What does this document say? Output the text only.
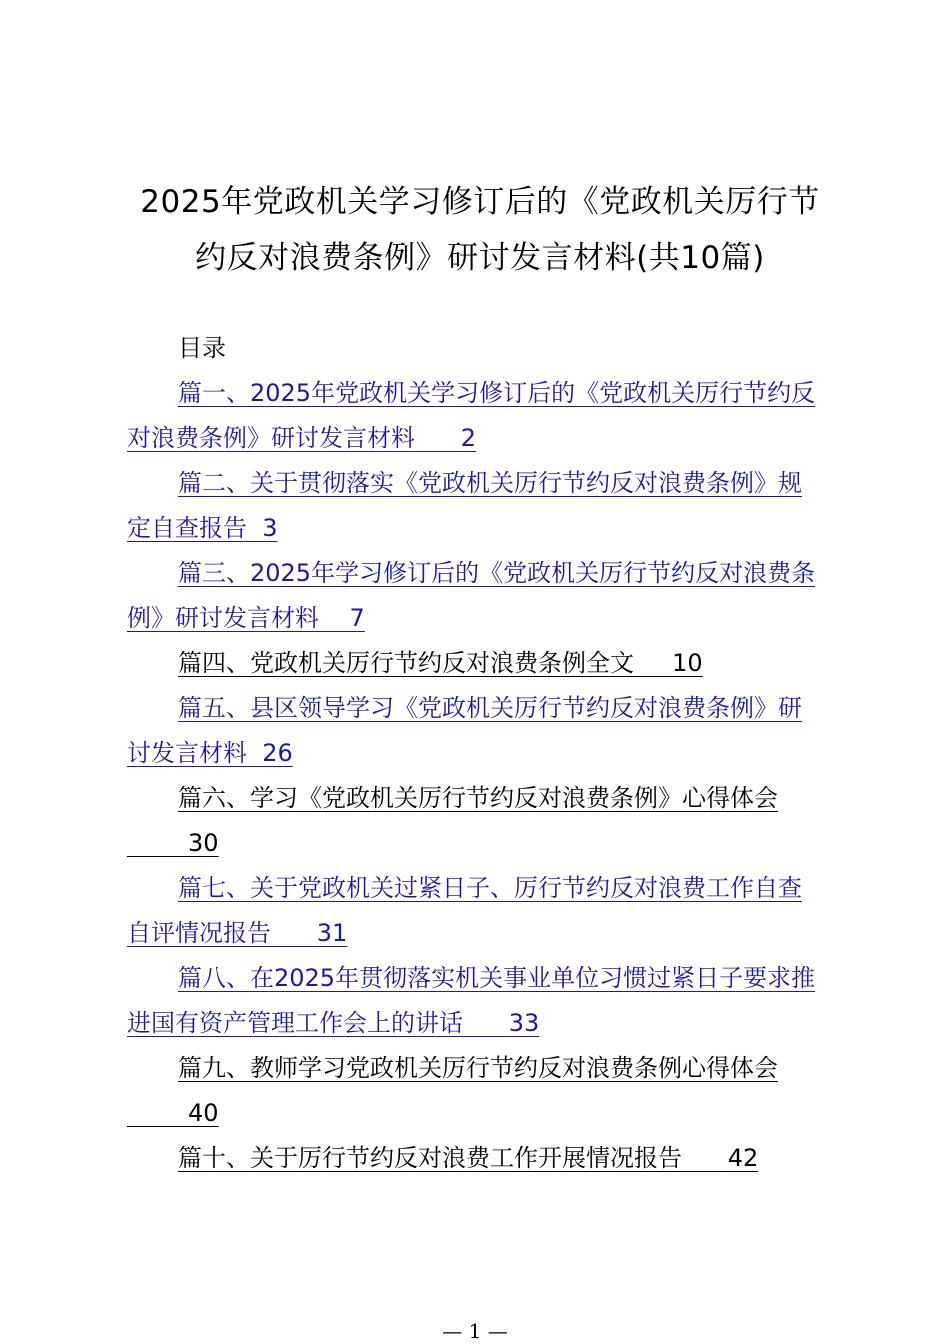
2025年党政机关学习修订后的《党政机关厉行节约反对浪费条例》研讨发言材料(共10篇)
目录
篇一、2025年党政机关学习修订后的《党政机关厉行节约反对浪费条例》研讨发言材料 2
篇二、关于贯彻落实《党政机关厉行节约反对浪费条例》规定自查报告 3
篇三、2025年学习修订后的《党政机关厉行节约反对浪费条例》研讨发言材料 7
篇四、党政机关厉行节约反对浪费条例全文 10
篇五、县区领导学习《党政机关厉行节约反对浪费条例》研讨发言材料 26
篇六、学习《党政机关厉行节约反对浪费条例》心得体会        30
篇七、关于党政机关过紧日子、厉行节约反对浪费工作自查自评情况报告 31
篇八、在2025年贯彻落实机关事业单位习惯过紧日子要求推进国有资产管理工作会上的讲话 33
篇九、教师学习党政机关厉行节约反对浪费条例心得体会        40
篇十、关于厉行节约反对浪费工作开展情况报告 42
— 1 —
